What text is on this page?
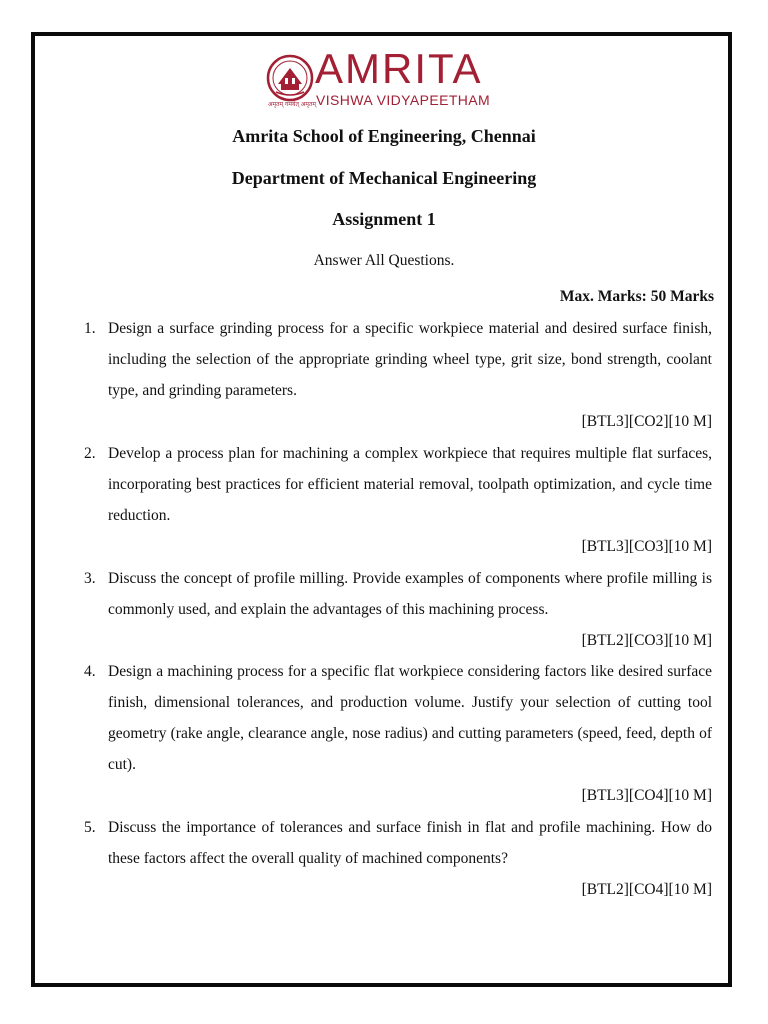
अमृतम् गमयेत् अमृतम्
AMRITA
VISHWA VIDYAPEETHAM
Amrita School of Engineering, Chennai
Department of Mechanical Engineering
Assignment 1
Answer All Questions.
Max. Marks: 50 Marks
1. Design a surface grinding process for a specific workpiece material and desired surface finish, including the selection of the appropriate grinding wheel type, grit size, bond strength, coolant type, and grinding parameters.
[BTL3][CO2][10 M]
2. Develop a process plan for machining a complex workpiece that requires multiple flat surfaces, incorporating best practices for efficient material removal, toolpath optimization, and cycle time reduction.
[BTL3][CO3][10 M]
3. Discuss the concept of profile milling. Provide examples of components where profile milling is commonly used, and explain the advantages of this machining process.
[BTL2][CO3][10 M]
4. Design a machining process for a specific flat workpiece considering factors like desired surface finish, dimensional tolerances, and production volume. Justify your selection of cutting tool geometry (rake angle, clearance angle, nose radius) and cutting parameters (speed, feed, depth of cut).
[BTL3][CO4][10 M]
5. Discuss the importance of tolerances and surface finish in flat and profile machining. How do these factors affect the overall quality of machined components?
[BTL2][CO4][10 M]
